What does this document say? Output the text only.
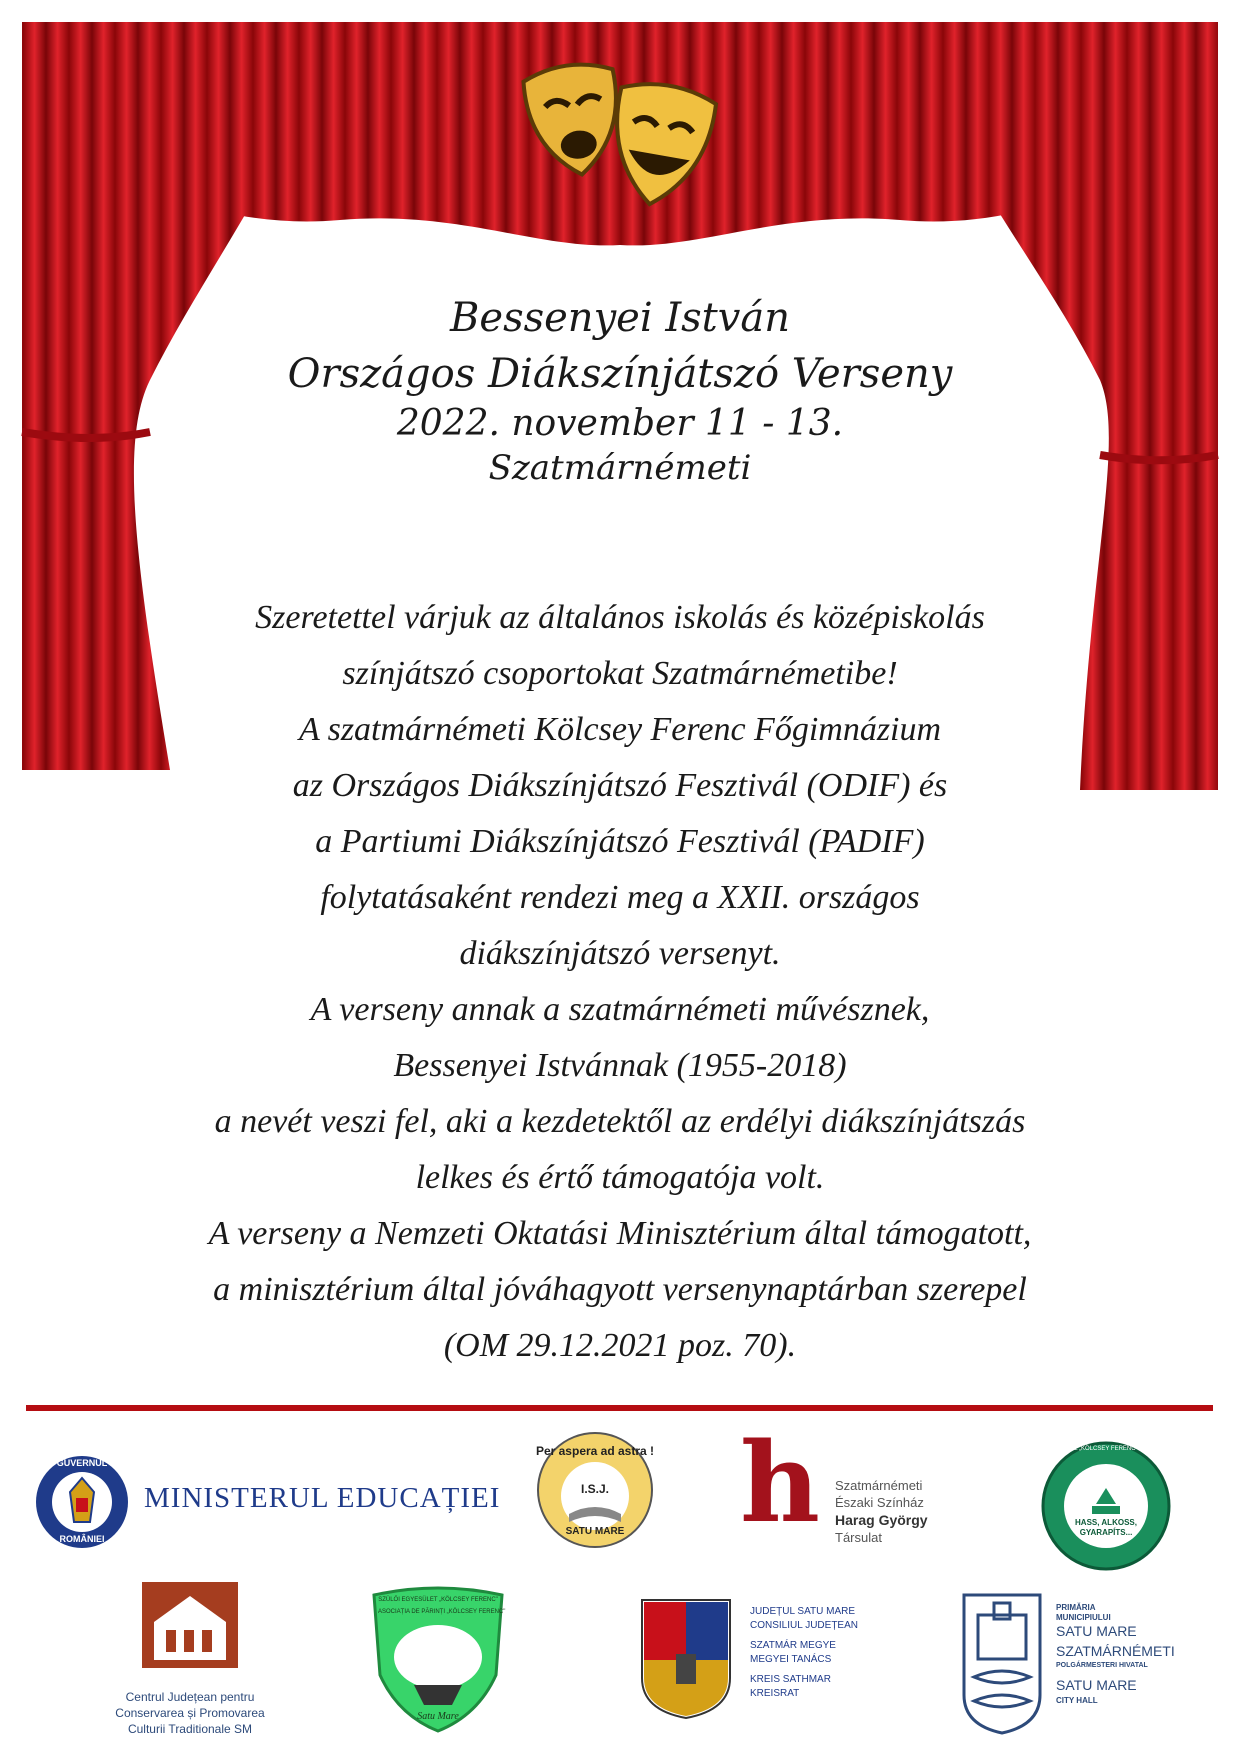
Bessenyei István
Országos Diákszínjátszó Verseny
2022. november 11 - 13.
Szatmárnémeti
Szeretettel várjuk az általános iskolás és középiskolás
színjátszó csoportokat Szatmárnémetibe!
A szatmárnémeti Kölcsey Ferenc Főgimnázium
az Országos Diákszínjátszó Fesztivál (ODIF) és
a Partiumi Diákszínjátszó Fesztivál (PADIF)
folytatásaként rendezi meg a XXII. országos
diákszínjátszó versenyt.
A verseny annak a szatmárnémeti művésznek,
Bessenyei Istvánnak (1955-2018)
a nevét veszi fel, aki a kezdetektől az erdélyi diákszínjátszás
lelkes és értő támogatója volt.
A verseny a Nemzeti Oktatási Minisztérium által támogatott,
a minisztérium által jóváhagyott versenynaptárban szerepel
(OM 29.12.2021 poz. 70).
GUVERNUL
ROMÂNIEI
MINISTERUL EDUCAȚIEI
Per aspera ad astra !
I.S.J.
SATU MARE h Szatmárnémeti
Északi Színház
Harag György
Társulat
NATIONAL „KÖLCSEY FERENC" FŐGIMNÁZIUM
HASS, ALKOSS, GYARAPÍTS...
Centrul Județean pentru
Conservarea și Promovarea
Culturii Traditionale SM
SZÜLŐI EGYESÜLET „KÖLCSEY FERENC"
ASOCIAȚIA DE PĂRINȚI „KÖLCSEY FERENC"
Satu Mare
JUDEȚUL SATU MARE
CONSILIUL JUDEȚEAN
SZATMÁR MEGYE
MEGYEI TANÁCS
KREIS SATHMAR
KREISRAT
PRIMĂRIA
MUNICIPIULUI
SATU MARE
SZATMÁRNÉMETI
POLGÁRMESTERI HIVATAL
SATU MARE
CITY HALL
